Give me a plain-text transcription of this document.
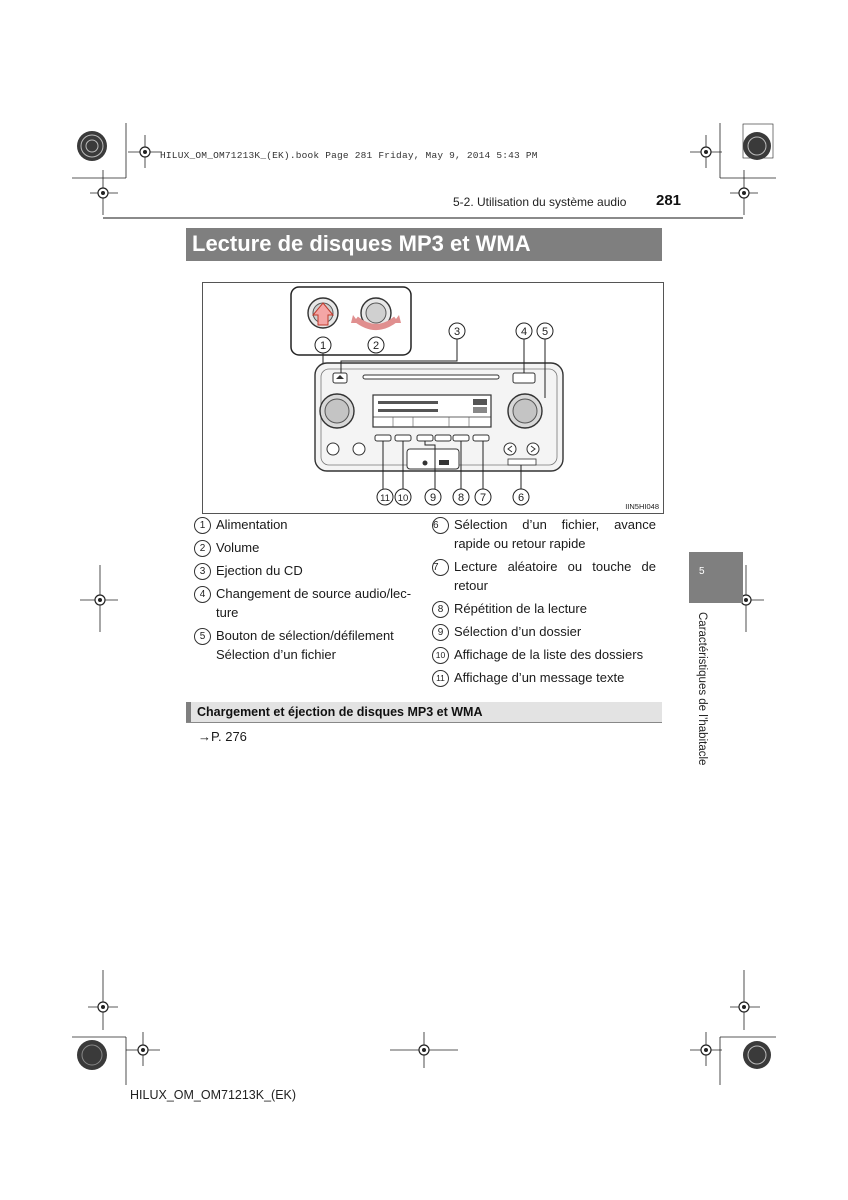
HILUX_OM_OM71213K_(EK).book Page 281 Friday, May 9, 2014 5:43 PM
5-2. Utilisation du système audio 281
Lecture de disques MP3 et WMA
1	2
3	4 5
6
7
8
9
10
11
IIN5HI048
1 Alimentation
2 Volume
3 Ejection du CD
4 Changement de source audio/lec-ture
5 Bouton de sélection/défilement Sélection d’un fichier
6	Sélection d’un fichier, avance rapide ou retour rapide
7	Lecture aléatoire ou touche de retour
8 Répétition de la lecture
9 Sélection d’un dossier
10 Affichage de la liste des dossiers
11 Affichage d’un message texte
Chargement et éjection de disques MP3 et WMA
→P. 276
5
Caractéristiques de l’habitacle
HILUX_OM_OM71213K_(EK)
